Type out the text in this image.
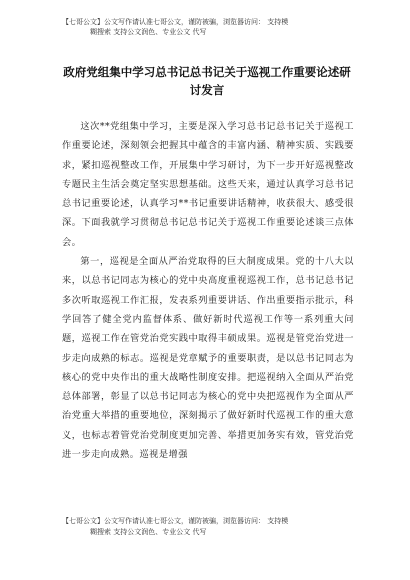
【七哥公文】公文写作请认准七哥公文，谨防被骗，浏览器访问： 支持模
糊搜索 支持公文润色、专业公文 代写
政府党组集中学习总书记总书记关于巡视工作重要论述研讨发言

这次**党组集中学习，主要是深入学习总书记总书记关于巡视工作重要论述，深刻领会把握其中蕴含的丰富内涵、精神实质、实践要求，紧扣巡视整改工作，开展集中学习研讨，为下一步开好巡视整改专题民主生活会奠定坚实思想基础。这些天来，通过认真学习总书记总书记重要论述，认真学习**书记重要讲话精神，收获很大、感受很深。下面我就学习贯彻总书记总书记关于巡视工作重要论述谈三点体会。

第一，巡视是全面从严治党取得的巨大制度成果。党的十八大以来，以总书记同志为核心的党中央高度重视巡视工作，总书记总书记多次听取巡视工作汇报，发表系列重要讲话、作出重要指示批示，科学回答了健全党内监督体系、做好新时代巡视工作等一系列重大问题，巡视工作在管党治党实践中取得丰硕成果。巡视是管党治党进一步走向成熟的标志。巡视是党章赋予的重要职责，是以总书记同志为核心的党中央作出的重大战略性制度安排。把巡视纳入全面从严治党总体部署，彰显了以总书记同志为核心的党中央把巡视作为全面从严治党重大举措的重要地位，深刻揭示了做好新时代巡视工作的重大意义，也标志着管党治党制度更加完善、举措更加务实有效，管党治党进一步走向成熟。巡视是增强

【七哥公文】公文写作请认准七哥公文，谨防被骗，浏览器访问： 支持模
糊搜索 支持公文润色、专业公文 代写
